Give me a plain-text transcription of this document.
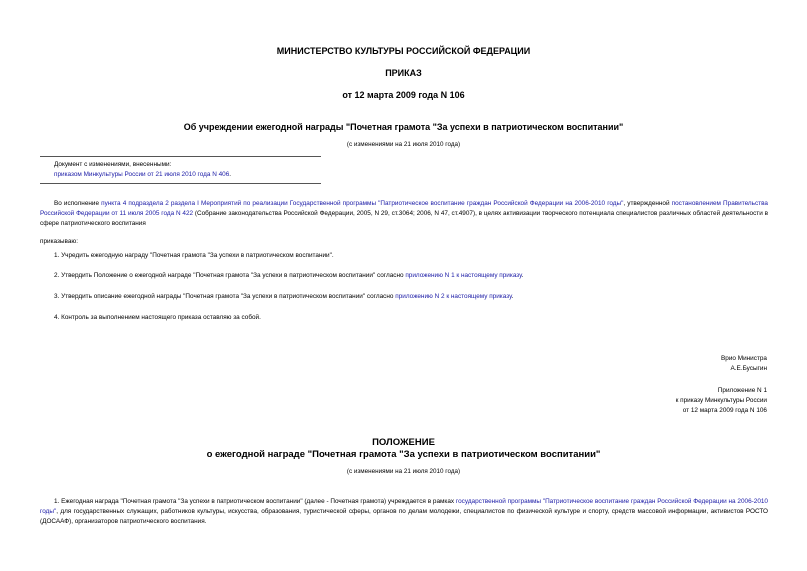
МИНИСТЕРСТВО КУЛЬТУРЫ РОССИЙСКОЙ ФЕДЕРАЦИИ
ПРИКАЗ
от 12 марта 2009 года N 106
Об учреждении ежегодной награды "Почетная грамота "За успехи в патриотическом воспитании"
(с изменениями на 21 июля 2010 года)
Документ с изменениями, внесенными:
приказом Минкультуры России от 21 июля 2010 года N 406.
Во исполнение пункта 4 подраздела 2 раздела I Мероприятий по реализации Государственной программы "Патриотическое воспитание граждан Российской Федерации на 2006-2010 годы", утвержденной постановлением Правительства Российской Федерации от 11 июля 2005 года N 422 (Собрание законодательства Российской Федерации, 2005, N 29, ст.3064; 2006, N 47, ст.4907), в целях активизации творческого потенциала специалистов различных областей деятельности в сфере патриотического воспитания
приказываю:
1. Учредить ежегодную награду "Почетная грамота "За успехи в патриотическом воспитании".
2. Утвердить Положение о ежегодной награде "Почетная грамота "За успехи в патриотическом воспитании" согласно приложению N 1 к настоящему приказу.
3. Утвердить описание ежегодной награды "Почетная грамота "За успехи в патриотическом воспитании" согласно приложению N 2 к настоящему приказу.
4. Контроль за выполнением настоящего приказа оставляю за собой.
Врио Министра
А.Е.Бусыгин
Приложение N 1
к приказу Минкультуры России
от 12 марта 2009 года N 106
ПОЛОЖЕНИЕ
о ежегодной награде "Почетная грамота "За успехи в патриотическом воспитании"
(с изменениями на 21 июля 2010 года)
1. Ежегодная награда "Почетная грамота "За успехи в патриотическом воспитании" (далее - Почетная грамота) учреждается в рамках государственной программы "Патриотическое воспитание граждан Российской Федерации на 2006-2010 годы", для государственных служащих, работников культуры, искусства, образования, туристической сферы, органов по делам молодежи, специалистов по физической культуре и спорту, средств массовой информации, активистов РОСТО (ДОСААФ), организаторов патриотического воспитания.
